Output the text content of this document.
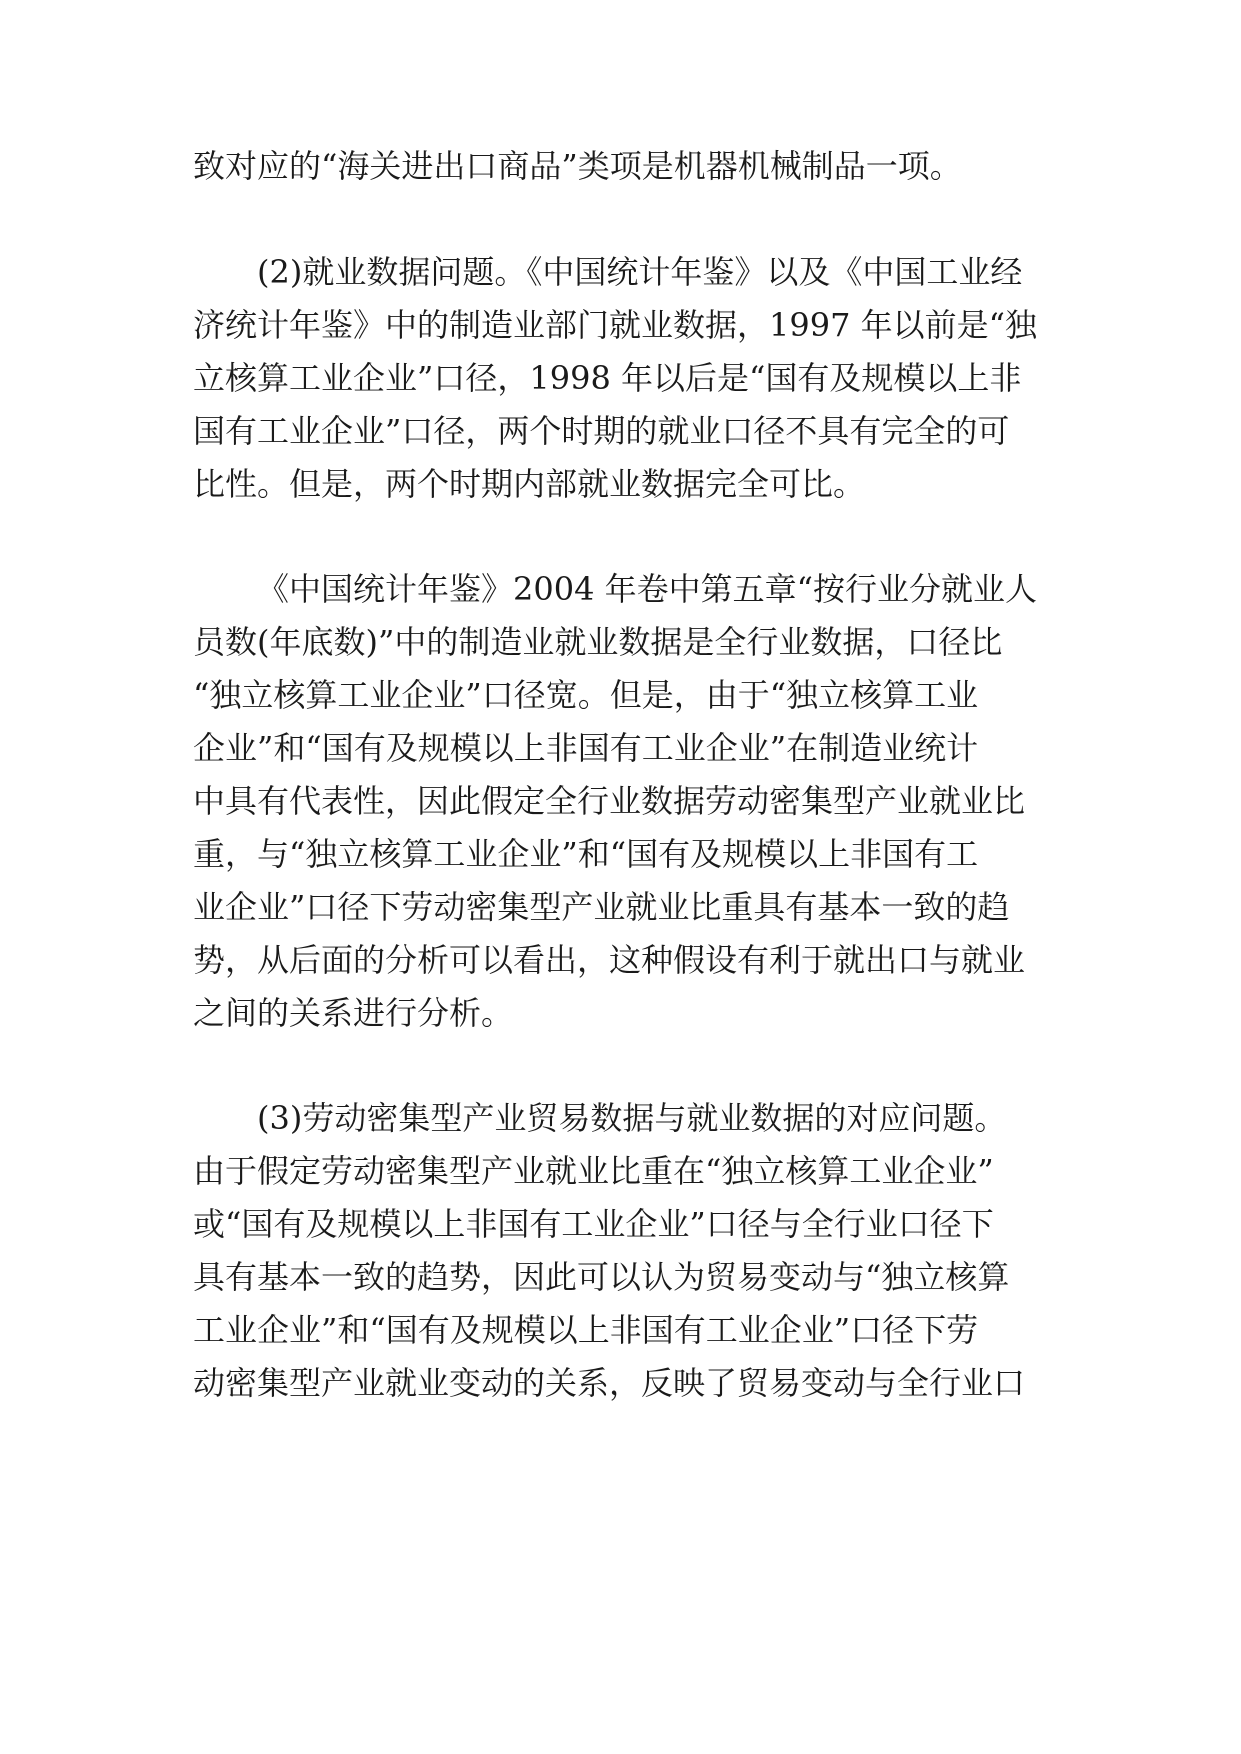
致对应的“海关进出口商品”类项是机器机械制品一项。
(2)就业数据问题。《中国统计年鉴》以及《中国工业经
济统计年鉴》中的制造业部门就业数据，1997 年以前是“独
立核算工业企业”口径，1998 年以后是“国有及规模以上非
国有工业企业”口径，两个时期的就业口径不具有完全的可
比性。但是，两个时期内部就业数据完全可比。
《中国统计年鉴》2004 年卷中第五章“按行业分就业人
员数(年底数)”中的制造业就业数据是全行业数据，口径比
“独立核算工业企业”口径宽。但是，由于“独立核算工业
企业”和“国有及规模以上非国有工业企业”在制造业统计
中具有代表性，因此假定全行业数据劳动密集型产业就业比
重，与“独立核算工业企业”和“国有及规模以上非国有工
业企业”口径下劳动密集型产业就业比重具有基本一致的趋
势，从后面的分析可以看出，这种假设有利于就出口与就业
之间的关系进行分析。
(3)劳动密集型产业贸易数据与就业数据的对应问题。
由于假定劳动密集型产业就业比重在“独立核算工业企业”
或“国有及规模以上非国有工业企业”口径与全行业口径下
具有基本一致的趋势，因此可以认为贸易变动与“独立核算
工业企业”和“国有及规模以上非国有工业企业”口径下劳
动密集型产业就业变动的关系，反映了贸易变动与全行业口
